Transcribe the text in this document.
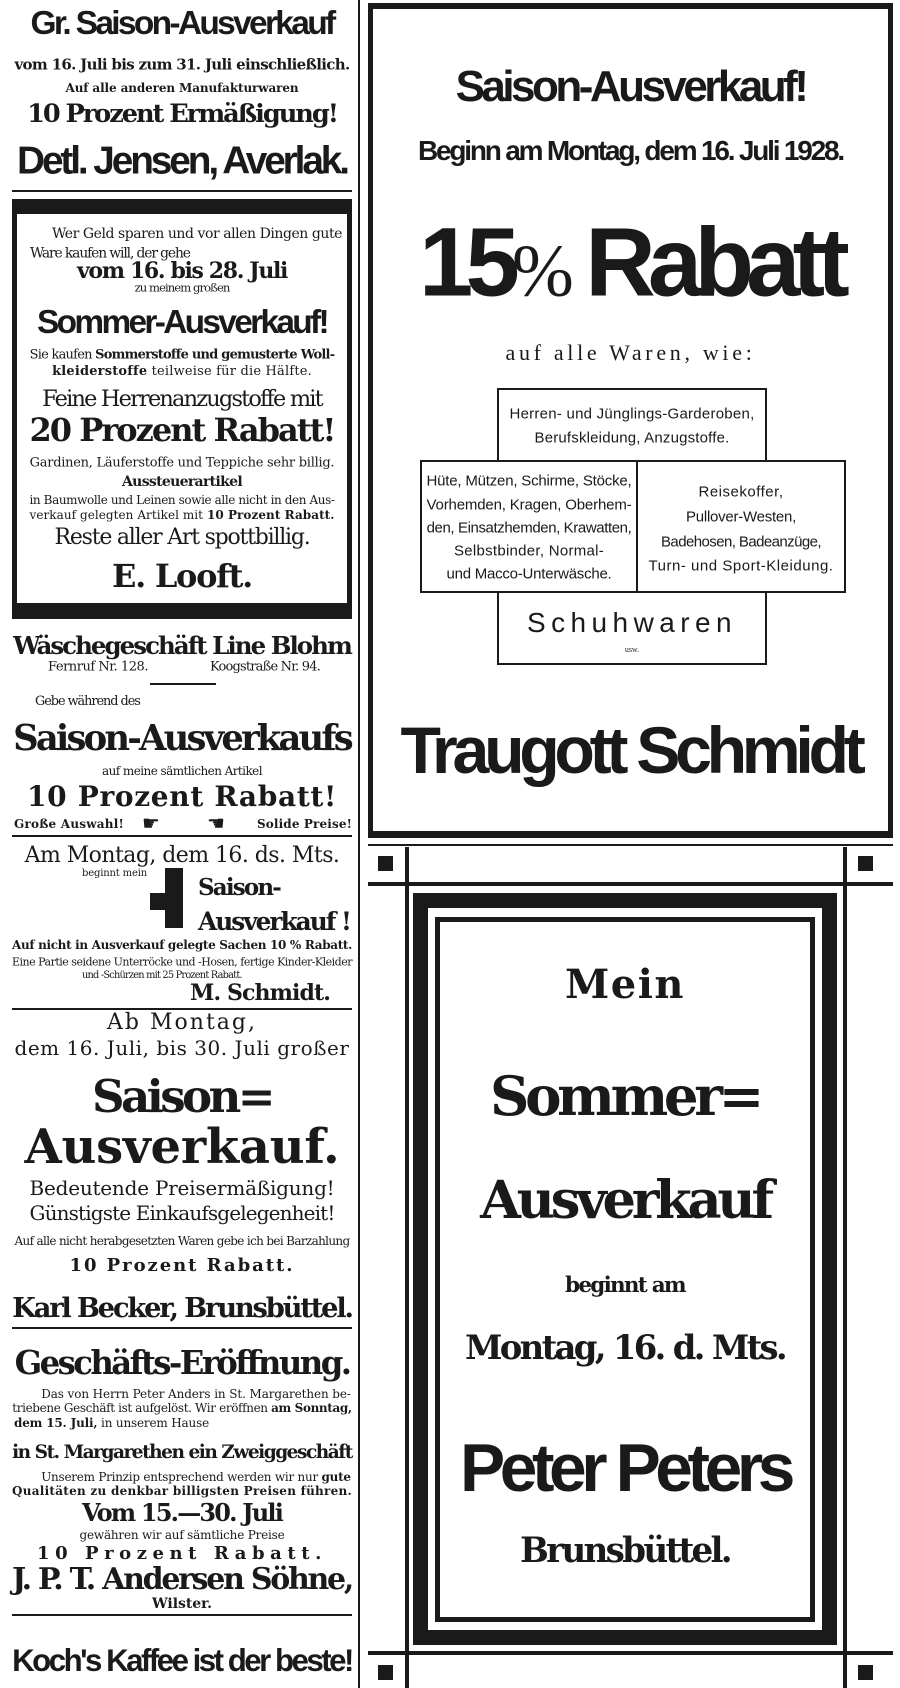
Gr. Saison-Ausverkauf
vom 16. Juli bis zum 31. Juli einschließlich.
Auf alle anderen Manufakturwaren
10 Prozent Ermäßigung!
Detl. Jensen, Averlak.
Wer Geld sparen und vor allen Dingen gute
Ware kaufen will, der gehe
vom 16. bis 28. Juli
zu meinem großen
Sommer-Ausverkauf!
Sie kaufen Sommerstoffe und gemusterte Woll-
kleiderstoffe teilweise für die Hälfte.
Feine Herrenanzugstoffe mit
20 Prozent Rabatt!
Gardinen, Läuferstoffe und Teppiche sehr billig.
Aussteuerartikel
in Baumwolle und Leinen sowie alle nicht in den Aus-
verkauf gelegten Artikel mit 10 Prozent Rabatt.
Reste aller Art spottbillig.
E. Looft.
Wäschegeschäft Line Blohm
Fernruf Nr. 128.	Koogstraße Nr. 94.
Gebe während des
Saison-Ausverkaufs
auf meine sämtlichen Artikel
10 Prozent Rabatt!
Große Auswahl! ☛	☚	Solide Preise!
Am Montag, dem 16. ds. Mts.
beginnt mein
Saison-
Ausverkauf !
Auf nicht in Ausverkauf gelegte Sachen 10 % Rabatt.
Eine Partie seidene Unterröcke und -Hosen, fertige Kinder-Kleider
und -Schürzen mit 25 Prozent Rabatt.
M. Schmidt.
Ab Montag,
dem 16. Juli, bis 30. Juli großer
Saison=
Ausverkauf.
Bedeutende Preisermäßigung!
Günstigste Einkaufsgelegenheit!
Auf alle nicht herabgesetzten Waren gebe ich bei Barzahlung
10 Prozent Rabatt.
Karl Becker, Brunsbüttel.
Geschäfts-Eröffnung.
Das von Herrn Peter Anders in St. Margarethen be-
triebene Geschäft ist aufgelöst. Wir eröffnen am Sonntag,
dem 15. Juli, in unserem Hause
in St. Margarethen ein Zweiggeschäft
Unserem Prinzip entsprechend werden wir nur gute
Qualitäten zu denkbar billigsten Preisen führen.
Vom 15.—30. Juli
gewähren wir auf sämtliche Preise
10 Prozent Rabatt.
J. P. T. Andersen Söhne,
Wilster.
Koch's Kaffee ist der beste!
Saison-Ausverkauf!
Beginn am Montag, dem 16. Juli 1928.
15% Rabatt
auf alle Waren, wie:
Herren- und Jünglings-Garderoben,
Berufskleidung, Anzugstoffe.
Hüte, Mützen, Schirme, Stöcke,
Vorhemden, Kragen, Oberhem-
den, Einsatzhemden, Krawatten,
Selbstbinder, Normal-
und Macco-Unterwäsche.
Reisekoffer,
Pullover-Westen,
Badehosen, Badeanzüge,
Turn- und Sport-Kleidung.
Schuhwaren
usw.
Traugott Schmidt
Mein
Sommer=
Ausverkauf
beginnt am
Montag, 16. d. Mts.
Peter Peters
Brunsbüttel.
